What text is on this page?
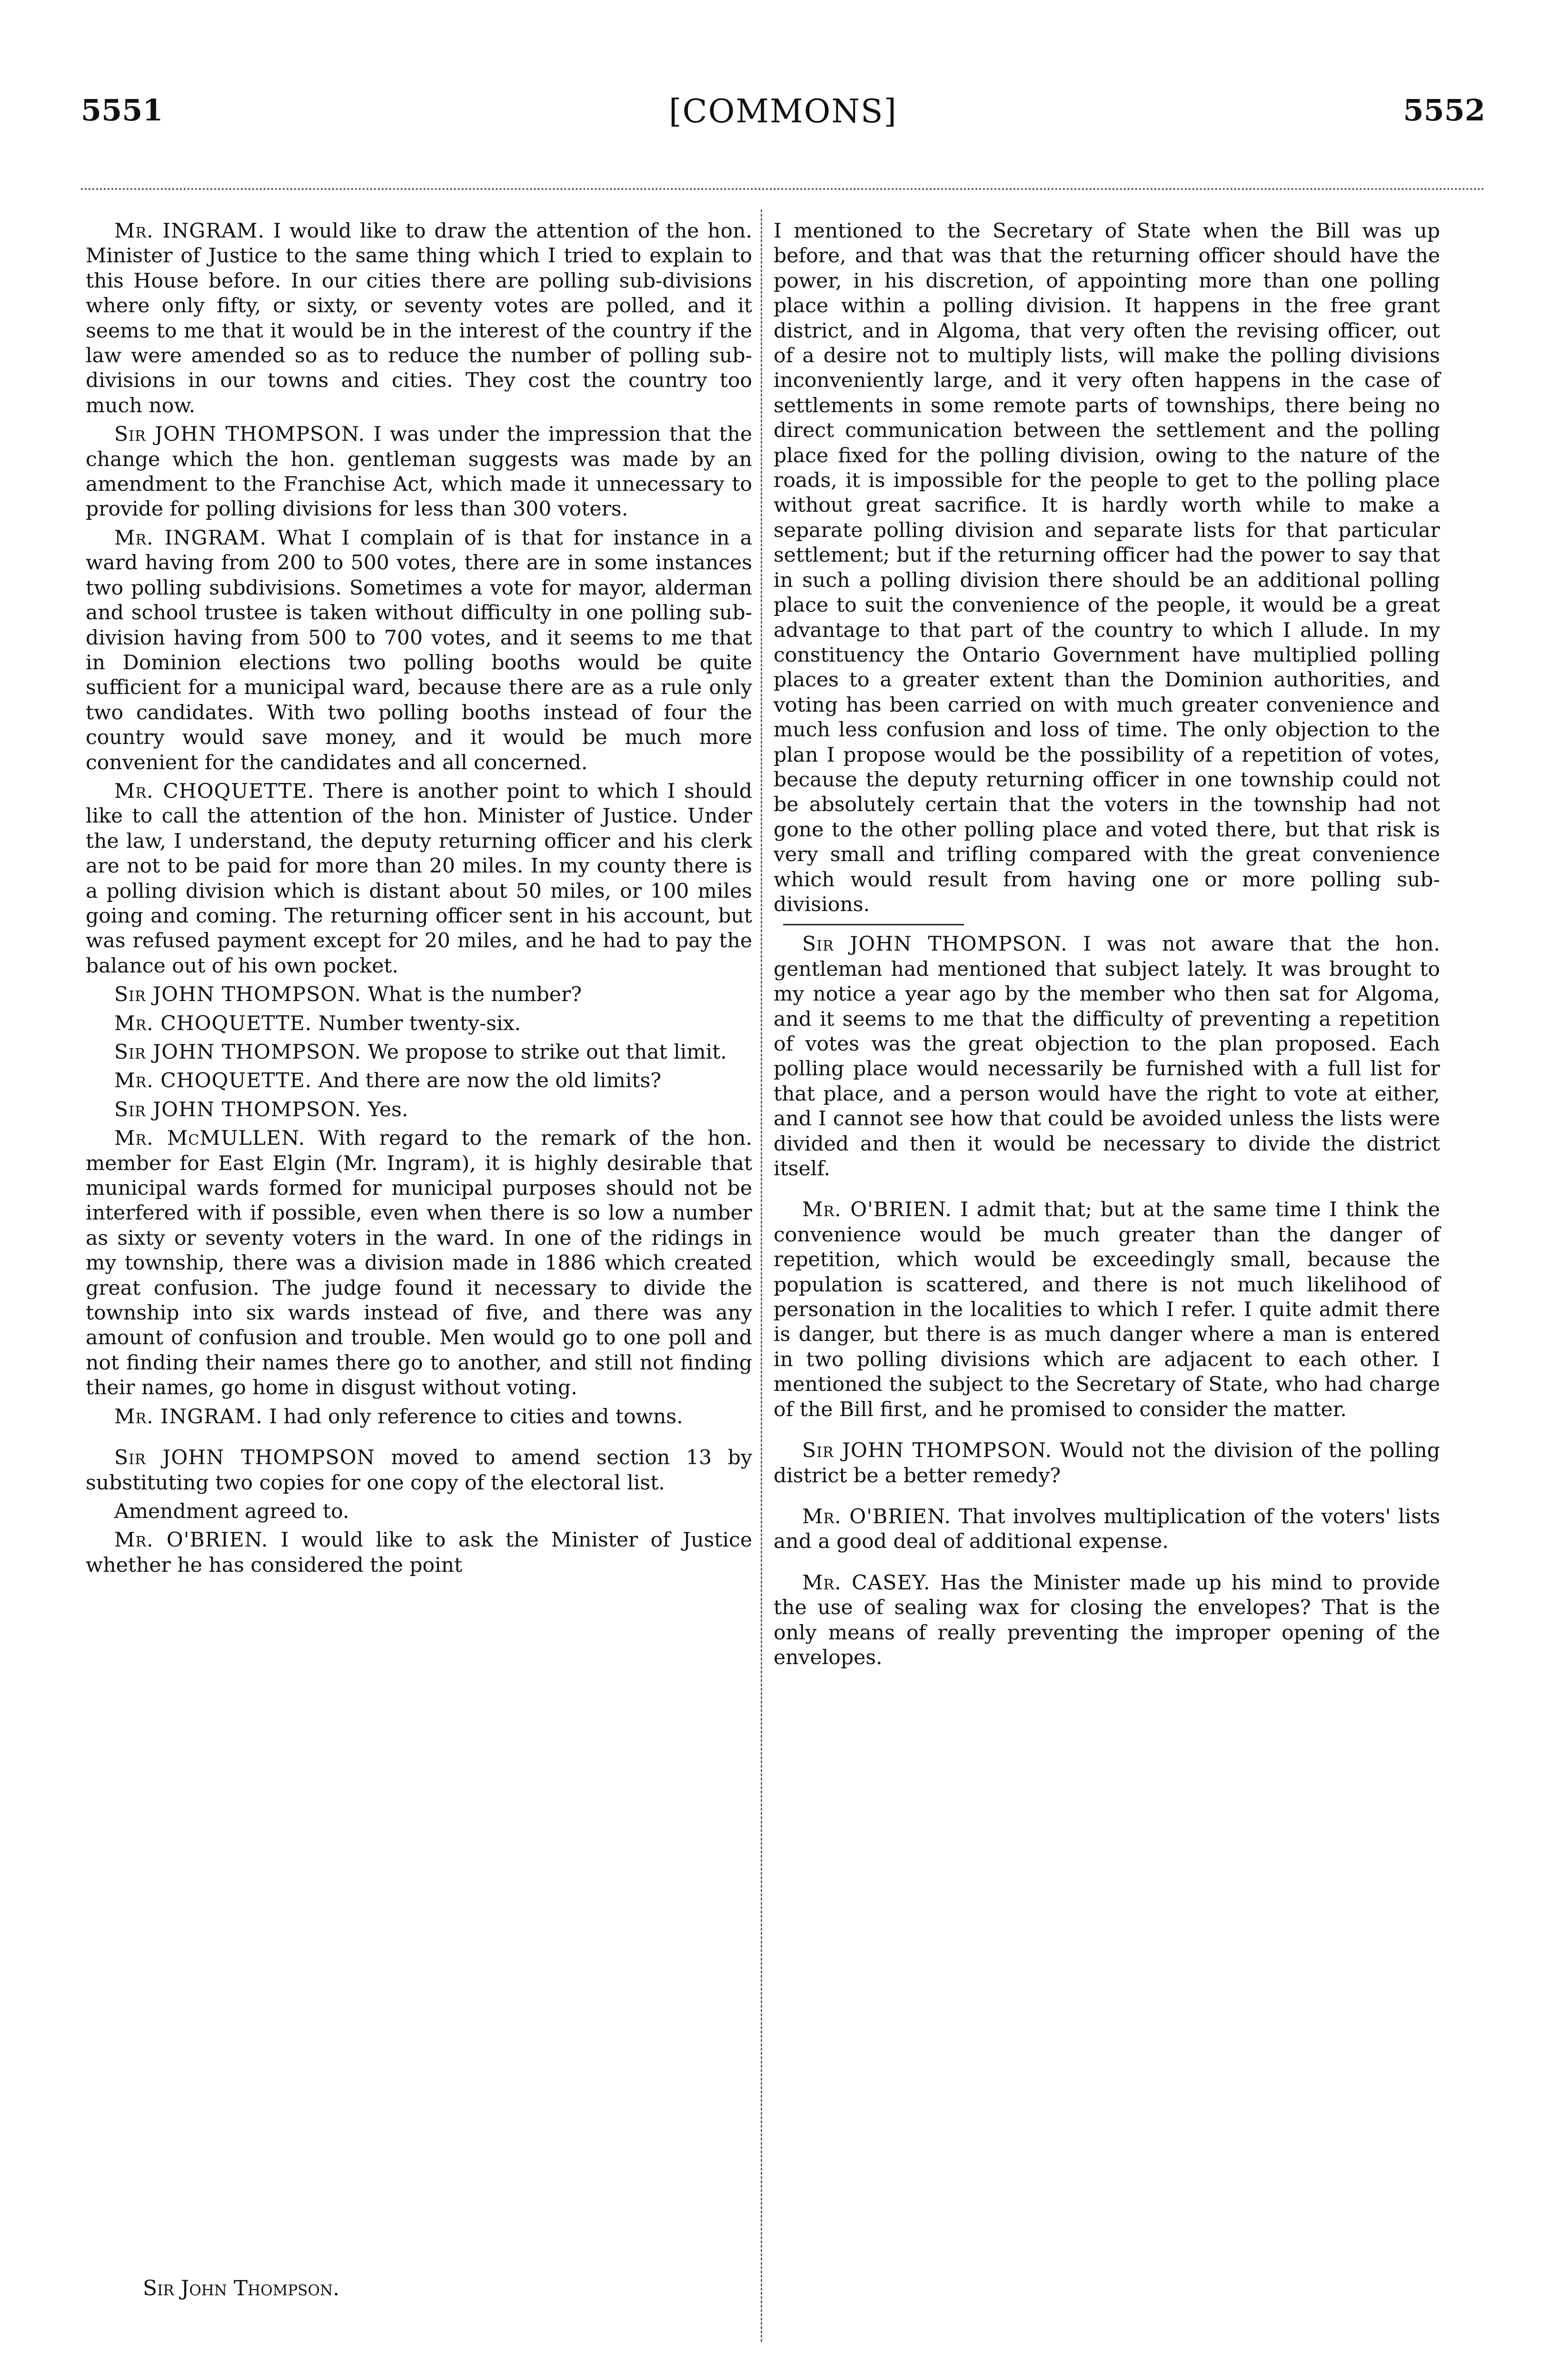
5551	[COMMONS]	5552

Mr. INGRAM. I would like to draw the attention of the hon. Minister of Justice to the same thing which I tried to explain to this House before. In our cities there are polling sub-divisions where only fifty, or sixty, or seventy votes are polled, and it seems to me that it would be in the interest of the country if the law were amended so as to reduce the number of polling sub-divisions in our towns and cities. They cost the country too much now.

Sir JOHN THOMPSON. I was under the impression that the change which the hon. gentleman suggests was made by an amendment to the Franchise Act, which made it unnecessary to provide for polling divisions for less than 300 voters.

Mr. INGRAM. What I complain of is that for instance in a ward having from 200 to 500 votes, there are in some instances two polling subdivisions. Sometimes a vote for mayor, alderman and school trustee is taken without difficulty in one polling sub-division having from 500 to 700 votes, and it seems to me that in Dominion elections two polling booths would be quite sufficient for a municipal ward, because there are as a rule only two candidates. With two polling booths instead of four the country would save money, and it would be much more convenient for the candidates and all concerned.

Mr. CHOQUETTE. There is another point to which I should like to call the attention of the hon. Minister of Justice. Under the law, I understand, the deputy returning officer and his clerk are not to be paid for more than 20 miles. In my county there is a polling division which is distant about 50 miles, or 100 miles going and coming. The returning officer sent in his account, but was refused payment except for 20 miles, and he had to pay the balance out of his own pocket.

Sir JOHN THOMPSON. What is the number?

Mr. CHOQUETTE. Number twenty-six.

Sir JOHN THOMPSON. We propose to strike out that limit.

Mr. CHOQUETTE. And there are now the old limits?

Sir JOHN THOMPSON. Yes.

Mr. McMULLEN. With regard to the remark of the hon. member for East Elgin (Mr. Ingram), it is highly desirable that municipal wards formed for municipal purposes should not be interfered with if possible, even when there is so low a number as sixty or seventy voters in the ward. In one of the ridings in my township, there was a division made in 1886 which created great confusion. The judge found it necessary to divide the township into six wards instead of five, and there was any amount of confusion and trouble. Men would go to one poll and not finding their names there go to another, and still not finding their names, go home in disgust without voting.

Mr. INGRAM. I had only reference to cities and towns.

Sir JOHN THOMPSON moved to amend section 13 by substituting two copies for one copy of the electoral list.

Amendment agreed to.

Mr. O'BRIEN. I would like to ask the Minister of Justice whether he has considered the point

Sir John Thompson.

I mentioned to the Secretary of State when the Bill was up before, and that was that the returning officer should have the power, in his discretion, of appointing more than one polling place within a polling division. It happens in the free grant district, and in Algoma, that very often the revising officer, out of a desire not to multiply lists, will make the polling divisions inconveniently large, and it very often happens in the case of settlements in some remote parts of townships, there being no direct communication between the settlement and the polling place fixed for the polling division, owing to the nature of the roads, it is impossible for the people to get to the polling place without great sacrifice. It is hardly worth while to make a separate polling division and separate lists for that particular settlement; but if the returning officer had the power to say that in such a polling division there should be an additional polling place to suit the convenience of the people, it would be a great advantage to that part of the country to which I allude. In my constituency the Ontario Government have multiplied polling places to a greater extent than the Dominion authorities, and voting has been carried on with much greater convenience and much less confusion and loss of time. The only objection to the plan I propose would be the possibility of a repetition of votes, because the deputy returning officer in one township could not be absolutely certain that the voters in the township had not gone to the other polling place and voted there, but that risk is very small and trifling compared with the great convenience which would result from having one or more polling sub-divisions.

Sir JOHN THOMPSON. I was not aware that the hon. gentleman had mentioned that subject lately. It was brought to my notice a year ago by the member who then sat for Algoma, and it seems to me that the difficulty of preventing a repetition of votes was the great objection to the plan proposed. Each polling place would necessarily be furnished with a full list for that place, and a person would have the right to vote at either, and I cannot see how that could be avoided unless the lists were divided and then it would be necessary to divide the district itself.

Mr. O'BRIEN. I admit that; but at the same time I think the convenience would be much greater than the danger of repetition, which would be exceedingly small, because the population is scattered, and there is not much likelihood of personation in the localities to which I refer. I quite admit there is danger, but there is as much danger where a man is entered in two polling divisions which are adjacent to each other. I mentioned the subject to the Secretary of State, who had charge of the Bill first, and he promised to consider the matter.

Sir JOHN THOMPSON. Would not the division of the polling district be a better remedy?

Mr. O'BRIEN. That involves multiplication of the voters' lists and a good deal of additional expense.

Mr. CASEY. Has the Minister made up his mind to provide the use of sealing wax for closing the envelopes? That is the only means of really preventing the improper opening of the envelopes.
